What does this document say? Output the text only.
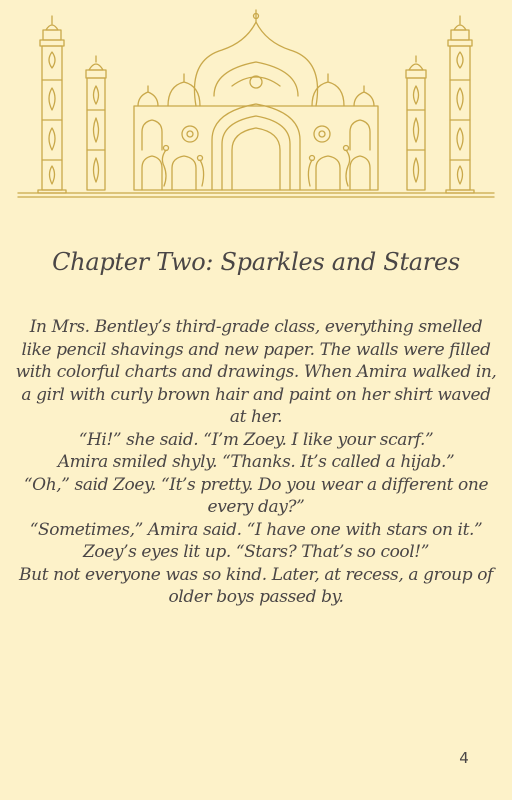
Chapter Two: Sparkles and Stares

In Mrs. Bentley’s third-grade class, everything smelled like pencil shavings and new paper. The walls were filled with colorful charts and drawings. When Amira walked in, a girl with curly brown hair and paint on her shirt waved at her.

“Hi!” she said. “I’m Zoey. I like your scarf.”

Amira smiled shyly. “Thanks. It’s called a hijab.”

“Oh,” said Zoey. “It’s pretty. Do you wear a different one every day?”

“Sometimes,” Amira said. “I have one with stars on it.”

Zoey’s eyes lit up. “Stars? That’s so cool!”

But not everyone was so kind. Later, at recess, a group of older boys passed by.

4
